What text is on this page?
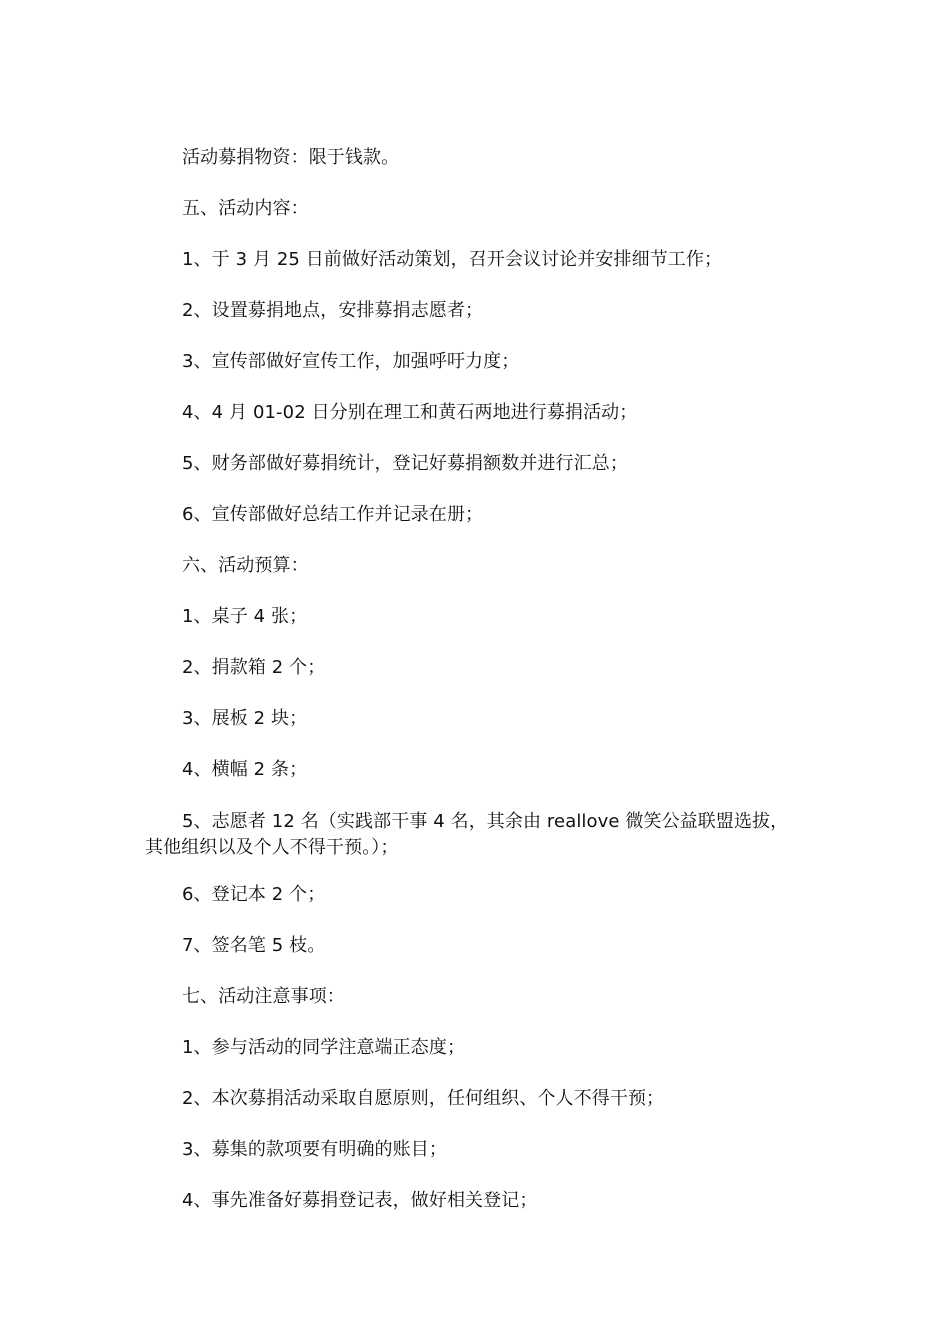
活动募捐物资：限于钱款。

五、活动内容：

1、于 3 月 25 日前做好活动策划，召开会议讨论并安排细节工作；

2、设置募捐地点，安排募捐志愿者；

3、宣传部做好宣传工作，加强呼吁力度；

4、4 月 01-02 日分别在理工和黄石两地进行募捐活动；

5、财务部做好募捐统计，登记好募捐额数并进行汇总；

6、宣传部做好总结工作并记录在册；

六、活动预算：

1、桌子 4 张；

2、捐款箱 2 个；

3、展板 2 块；

4、横幅 2 条；

5、志愿者 12 名（实践部干事 4 名，其余由 reallove 微笑公益联盟选拔，
其他组织以及个人不得干预。）；

6、登记本 2 个；

7、签名笔 5 枝。

七、活动注意事项：

1、参与活动的同学注意端正态度；

2、本次募捐活动采取自愿原则，任何组织、个人不得干预；

3、募集的款项要有明确的账目；

4、事先准备好募捐登记表，做好相关登记；
